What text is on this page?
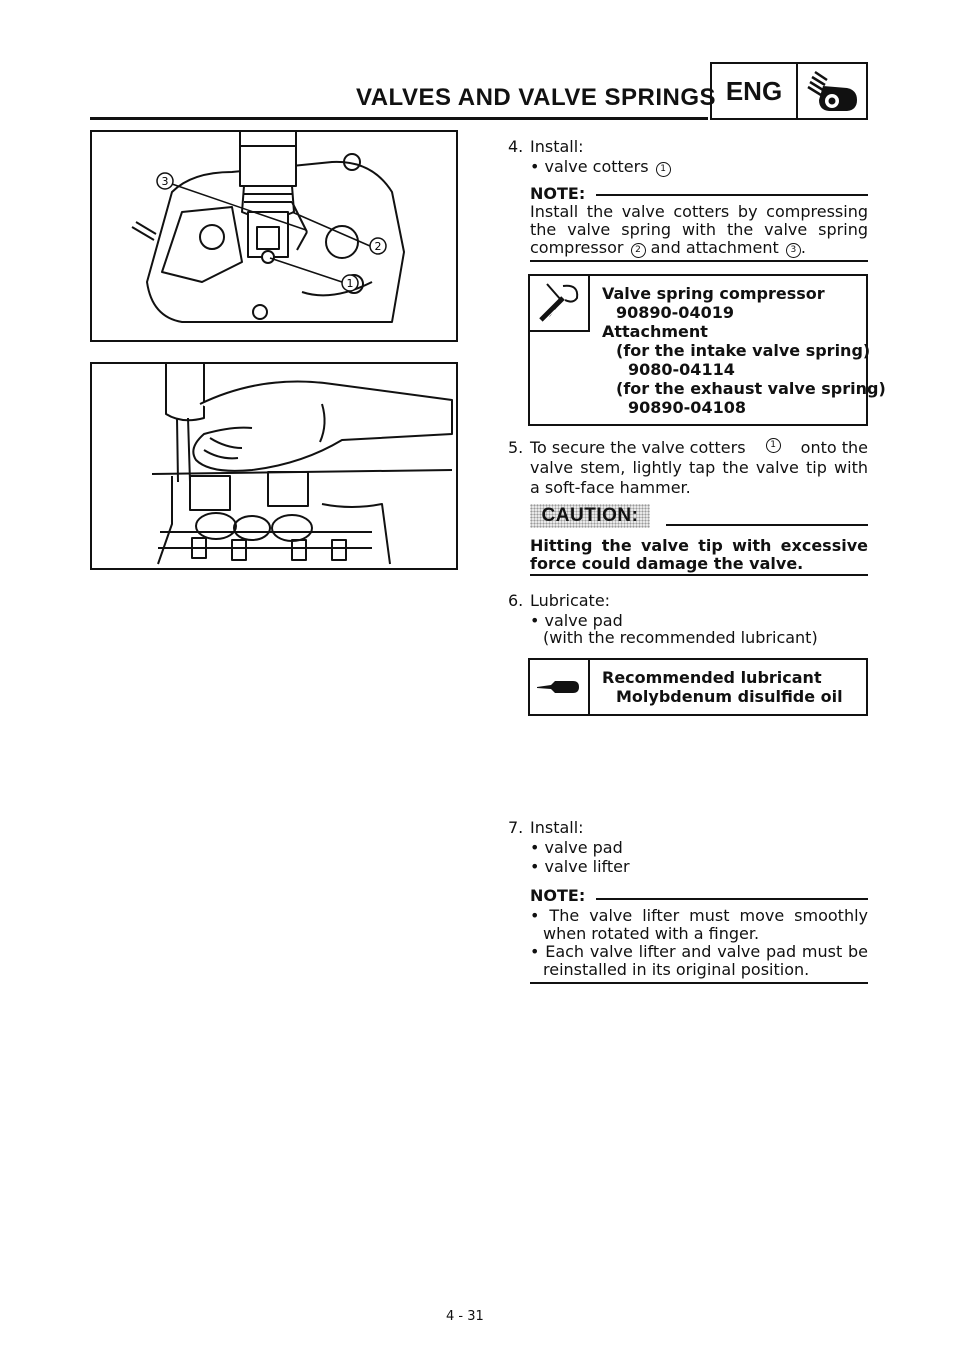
VALVES AND VALVE SPRINGS ENG
3
2
1
4. Install:
• valve cotters 1
NOTE:
Install the valve cotters by compressing
the valve spring with the valve spring
compressor 2 and attachment 3 .
Valve spring compressor
90890-04019
Attachment
(for the intake valve spring)
9080-04114
(for the exhaust valve spring)
90890-04108
5. To secure the valve cotters	1 onto the
valve stem, lightly tap the valve tip with
a soft-face hammer.
CAUTION:
Hitting the valve tip with excessive
force could damage the valve.
6. Lubricate:
• valve pad
(with the recommended lubricant)
Recommended lubricant
Molybdenum disulfide oil
7. Install:
• valve pad
• valve lifter
NOTE:
• The valve lifter must move smoothly
when rotated with a finger.
• Each valve lifter and valve pad must be
reinstalled in its original position.
4 - 31
